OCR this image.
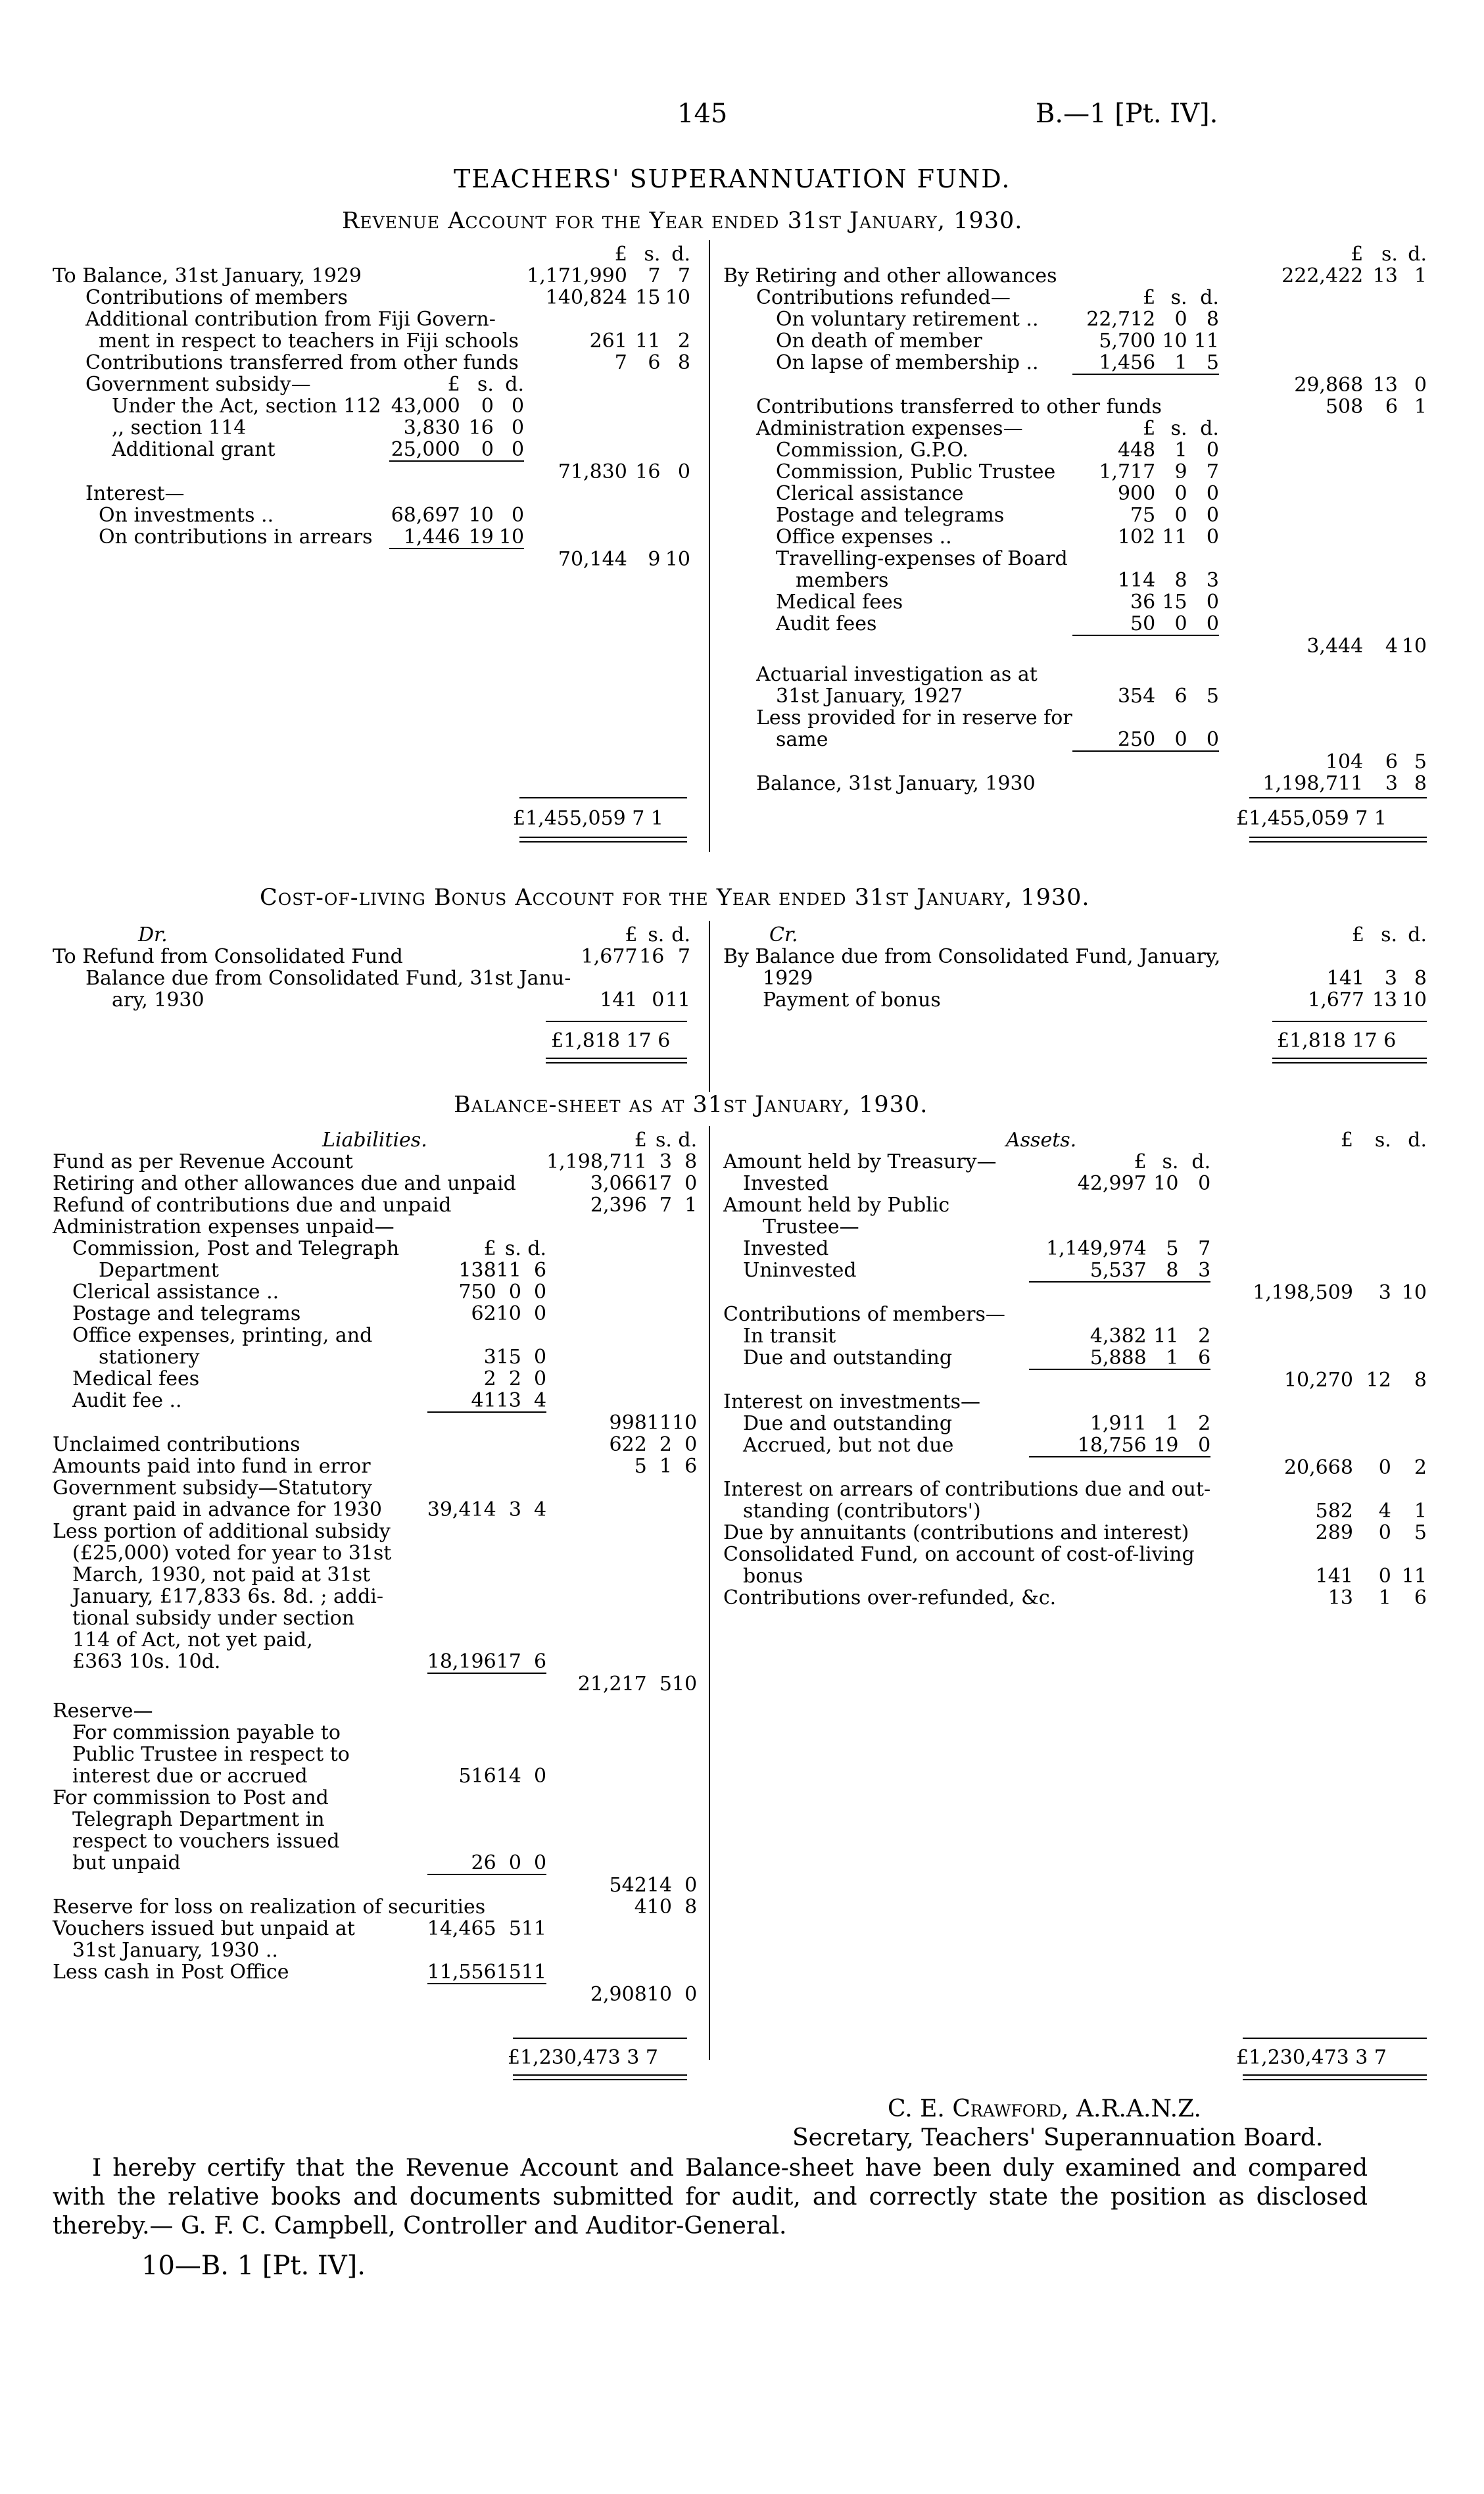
145	B.—1 [Pt. IV].
TEACHERS' SUPERANNUATION FUND.
Revenue Account for the Year ended 31st January, 1930.
				£	s.	d.
To Balance, 31st January, 1929				1,171,990	7	7
Contributions of members				140,824	15	10
Additional contribution from Fiji Govern-						
ment in respect to teachers in Fiji schools				261	11	2
Contributions transferred from other funds				7	6	8
Government subsidy—	£	s.	d.			
Under the Act, section 112	43,000	0	0			
,, section 114	3,830	16	0			
Additional grant	25,000	0	0			
				71,830	16	0
Interest—						
On investments ..	68,697	10	0			
On contributions in arrears	1,446	19	10			
				70,144	9	10
£1,455,059 7 1
				£	s.	d.
By Retiring and other allowances				222,422	13	1
Contributions refunded—	£	s.	d.			
On voluntary retirement ..	22,712	0	8			
On death of member	5,700	10	11			
On lapse of membership ..	1,456	1	5			
				29,868	13	0
Contributions transferred to other funds				508	6	1
Administration expenses—	£	s.	d.			
Commission, G.P.O.	448	1	0			
Commission, Public Trustee	1,717	9	7			
Clerical assistance	900	0	0			
Postage and telegrams	75	0	0			
Office expenses ..	102	11	0			
Travelling-expenses of Board						
members	114	8	3			
Medical fees	36	15	0			
Audit fees	50	0	0			
				3,444	4	10
Actuarial investigation as at						
31st January, 1927	354	6	5			
Less provided for in reserve for						
same	250	0	0			
				104	6	5
Balance, 31st January, 1930				1,198,711	3	8
£1,455,059 7 1
Cost-of-living Bonus Account for the Year ended 31st January, 1930.
Dr.	£	s.	d.
To Refund from Consolidated Fund	1,677	16	7
Balance due from Consolidated Fund, 31st Janu-			
ary, 1930	141	0	11
£1,818 17 6
Cr.	£	s.	d.
By Balance due from Consolidated Fund, January,			
1929	141	3	8
Payment of bonus	1,677	13	10
£1,818 17 6
Balance-sheet as at 31st January, 1930.
Liabilities.				£	s.	d.
Fund as per Revenue Account				1,198,711	3	8
Retiring and other allowances due and unpaid				3,066	17	0
Refund of contributions due and unpaid				2,396	7	1
Administration expenses unpaid—						
Commission, Post and Telegraph	£	s.	d.			
Department	138	11	6			
Clerical assistance ..	750	0	0			
Postage and telegrams	62	10	0			
Office expenses, printing, and						
stationery	3	15	0			
Medical fees	2	2	0			
Audit fee ..	41	13	4			
				998	11	10
Unclaimed contributions				622	2	0
Amounts paid into fund in error				5	1	6
Government subsidy—Statutory						
grant paid in advance for 1930	39,414	3	4			
Less portion of additional subsidy						
(£25,000) voted for year to 31st						
March, 1930, not paid at 31st						
January, £17,833 6s. 8d. ; addi-						
tional subsidy under section						
114 of Act, not yet paid,						
£363 10s. 10d.	18,196	17	6			
				21,217	5	10
Reserve—						
For commission payable to						
Public Trustee in respect to						
interest due or accrued	516	14	0			
For commission to Post and						
Telegraph Department in						
respect to vouchers issued						
but unpaid	26	0	0			
				542	14	0
Reserve for loss on realization of securities				4	10	8
Vouchers issued but unpaid at	14,465	5	11			
31st January, 1930 ..						
Less cash in Post Office	11,556	15	11			
				2,908	10	0
£1,230,473 3 7
Assets.				£	s.	d.
Amount held by Treasury—	£	s.	d.			
Invested	42,997	10	0			
Amount held by Public						
Trustee—						
Invested	1,149,974	5	7			
Uninvested	5,537	8	3			
				1,198,509	3	10
Contributions of members—						
In transit	4,382	11	2			
Due and outstanding	5,888	1	6			
				10,270	12	8
Interest on investments—						
Due and outstanding	1,911	1	2			
Accrued, but not due	18,756	19	0			
				20,668	0	2
Interest on arrears of contributions due and out-						
standing (contributors')				582	4	1
Due by annuitants (contributions and interest)				289	0	5
Consolidated Fund, on account of cost-of-living						
bonus				141	0	11
Contributions over-refunded, &c.				13	1	6
£1,230,473 3 7
C. E. Crawford, A.R.A.N.Z.
Secretary, Teachers' Superannuation Board.
I hereby certify that the Revenue Account and Balance-sheet have been duly examined and compared with the relative books and documents submitted for audit, and correctly state the position as disclosed thereby.— G. F. C. Campbell, Controller and Auditor-General.
10—B. 1 [Pt. IV].
